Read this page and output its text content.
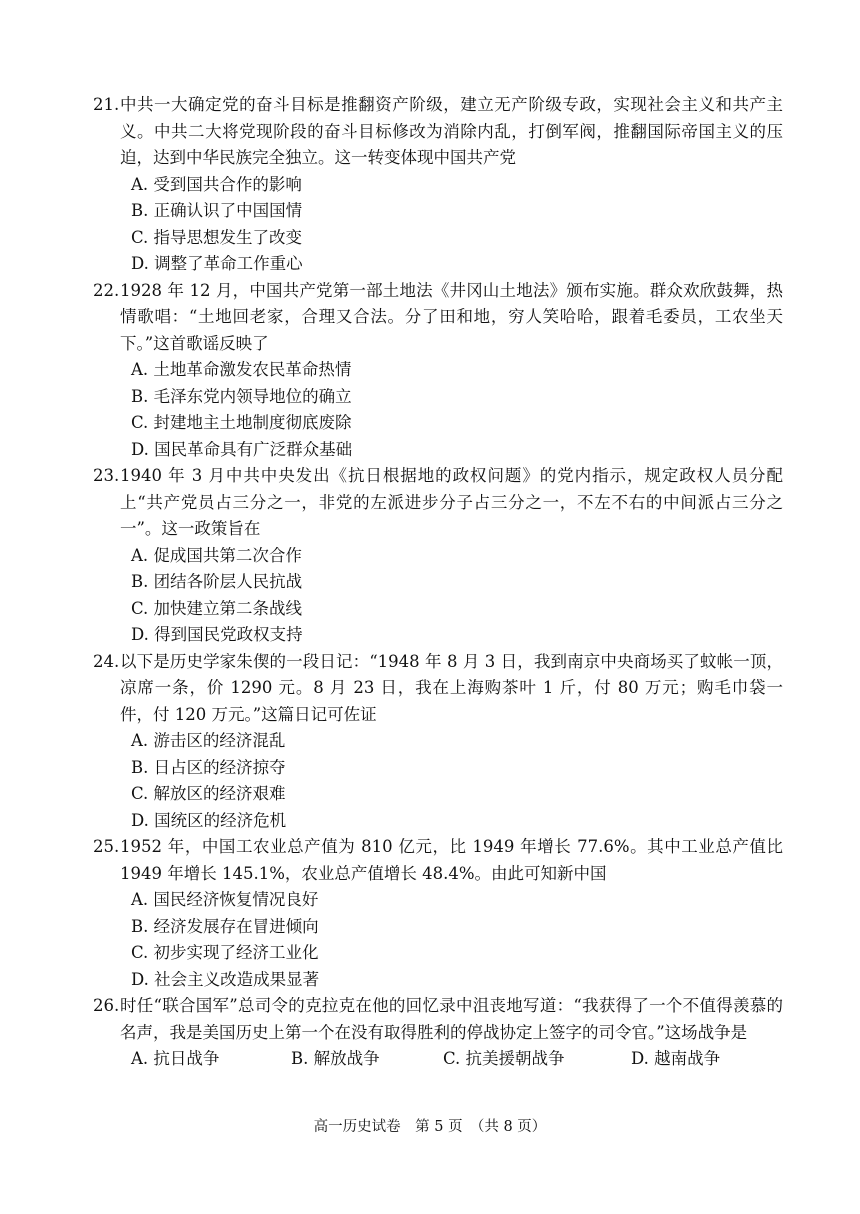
21. 中共一大确定党的奋斗目标是推翻资产阶级，建立无产阶级专政，实现社会主义和共产主义。中共二大将党现阶段的奋斗目标修改为消除内乱，打倒军阀，推翻国际帝国主义的压迫，达到中华民族完全独立。这一转变体现中国共产党
A. 受到国共合作的影响
B. 正确认识了中国国情
C. 指导思想发生了改变
D. 调整了革命工作重心
22. 1928 年 12 月，中国共产党第一部土地法《井冈山土地法》颁布实施。群众欢欣鼓舞，热情歌唱：“土地回老家，合理又合法。分了田和地，穷人笑哈哈，跟着毛委员，工农坐天下。”这首歌谣反映了
A. 土地革命激发农民革命热情
B. 毛泽东党内领导地位的确立
C. 封建地主土地制度彻底废除
D. 国民革命具有广泛群众基础
23. 1940 年 3 月中共中央发出《抗日根据地的政权问题》的党内指示，规定政权人员分配上“共产党员占三分之一，非党的左派进步分子占三分之一，不左不右的中间派占三分之一”。这一政策旨在
A. 促成国共第二次合作
B. 团结各阶层人民抗战
C. 加快建立第二条战线
D. 得到国民党政权支持
24. 以下是历史学家朱偰的一段日记：“1948 年 8 月 3 日，我到南京中央商场买了蚊帐一顶，凉席一条，价 1290 元。8 月 23 日，我在上海购茶叶 1 斤，付 80 万元；购毛巾袋一件，付 120 万元。”这篇日记可佐证
A. 游击区的经济混乱
B. 日占区的经济掠夺
C. 解放区的经济艰难
D. 国统区的经济危机
25. 1952 年，中国工农业总产值为 810 亿元，比 1949 年增长 77.6%。其中工业总产值比 1949 年增长 145.1%，农业总产值增长 48.4%。由此可知新中国
A. 国民经济恢复情况良好
B. 经济发展存在冒进倾向
C. 初步实现了经济工业化
D. 社会主义改造成果显著
26. 时任“联合国军”总司令的克拉克在他的回忆录中沮丧地写道：“我获得了一个不值得羡慕的名声，我是美国历史上第一个在没有取得胜利的停战协定上签字的司令官。”这场战争是
A. 抗日战争	B. 解放战争	C. 抗美援朝战争	D. 越南战争
高一历史试卷　第 5 页　（共 8 页）
